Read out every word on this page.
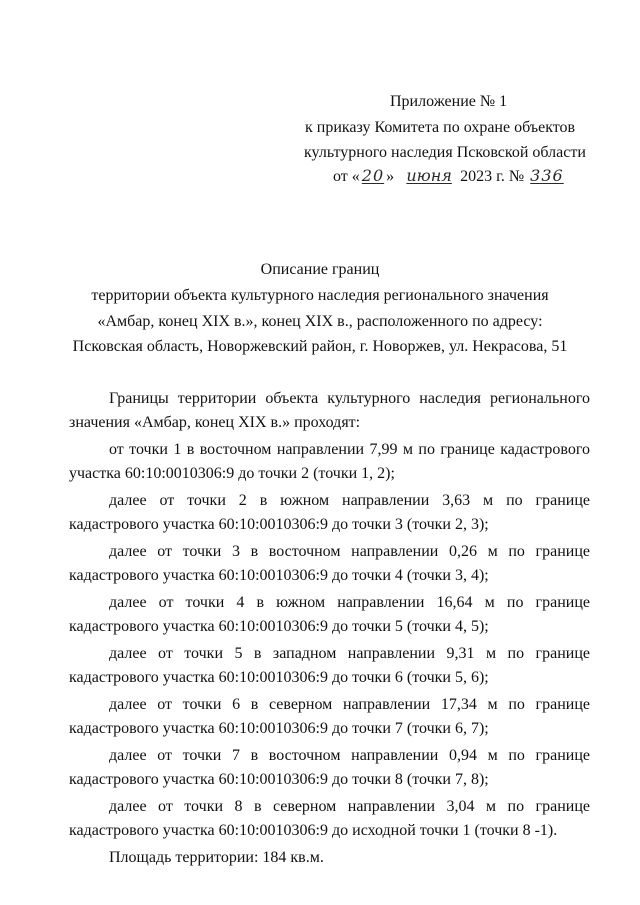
Приложение № 1
к приказу Комитета по охране объектов
культурного наследия Псковской области
от « 20 » июня 2023 г. № 336
Описание границ
территории объекта культурного наследия регионального значения
«Амбар, конец XIX в.», конец XIX в., расположенного по адресу:
Псковская область, Новоржевский район, г. Новоржев, ул. Некрасова, 51

Границы территории объекта культурного наследия регионального значения «Амбар, конец XIX в.» проходят:

от точки 1 в восточном направлении 7,99 м по границе кадастрового участка 60:10:0010306:9 до точки 2 (точки 1, 2);

далее от точки 2 в южном направлении 3,63 м по границе кадастрового участка 60:10:0010306:9 до точки 3 (точки 2, 3);

далее от точки 3 в восточном направлении 0,26 м по границе кадастрового участка 60:10:0010306:9 до точки 4 (точки 3, 4);

далее от точки 4 в южном направлении 16,64 м по границе кадастрового участка 60:10:0010306:9 до точки 5 (точки 4, 5);

далее от точки 5 в западном направлении 9,31 м по границе кадастрового участка 60:10:0010306:9 до точки 6 (точки 5, 6);

далее от точки 6 в северном направлении 17,34 м по границе кадастрового участка 60:10:0010306:9 до точки 7 (точки 6, 7);

далее от точки 7 в восточном направлении 0,94 м по границе кадастрового участка 60:10:0010306:9 до точки 8 (точки 7, 8);

далее от точки 8 в северном направлении 3,04 м по границе кадастрового участка 60:10:0010306:9 до исходной точки 1 (точки 8 -1).

Площадь территории: 184 кв.м.
